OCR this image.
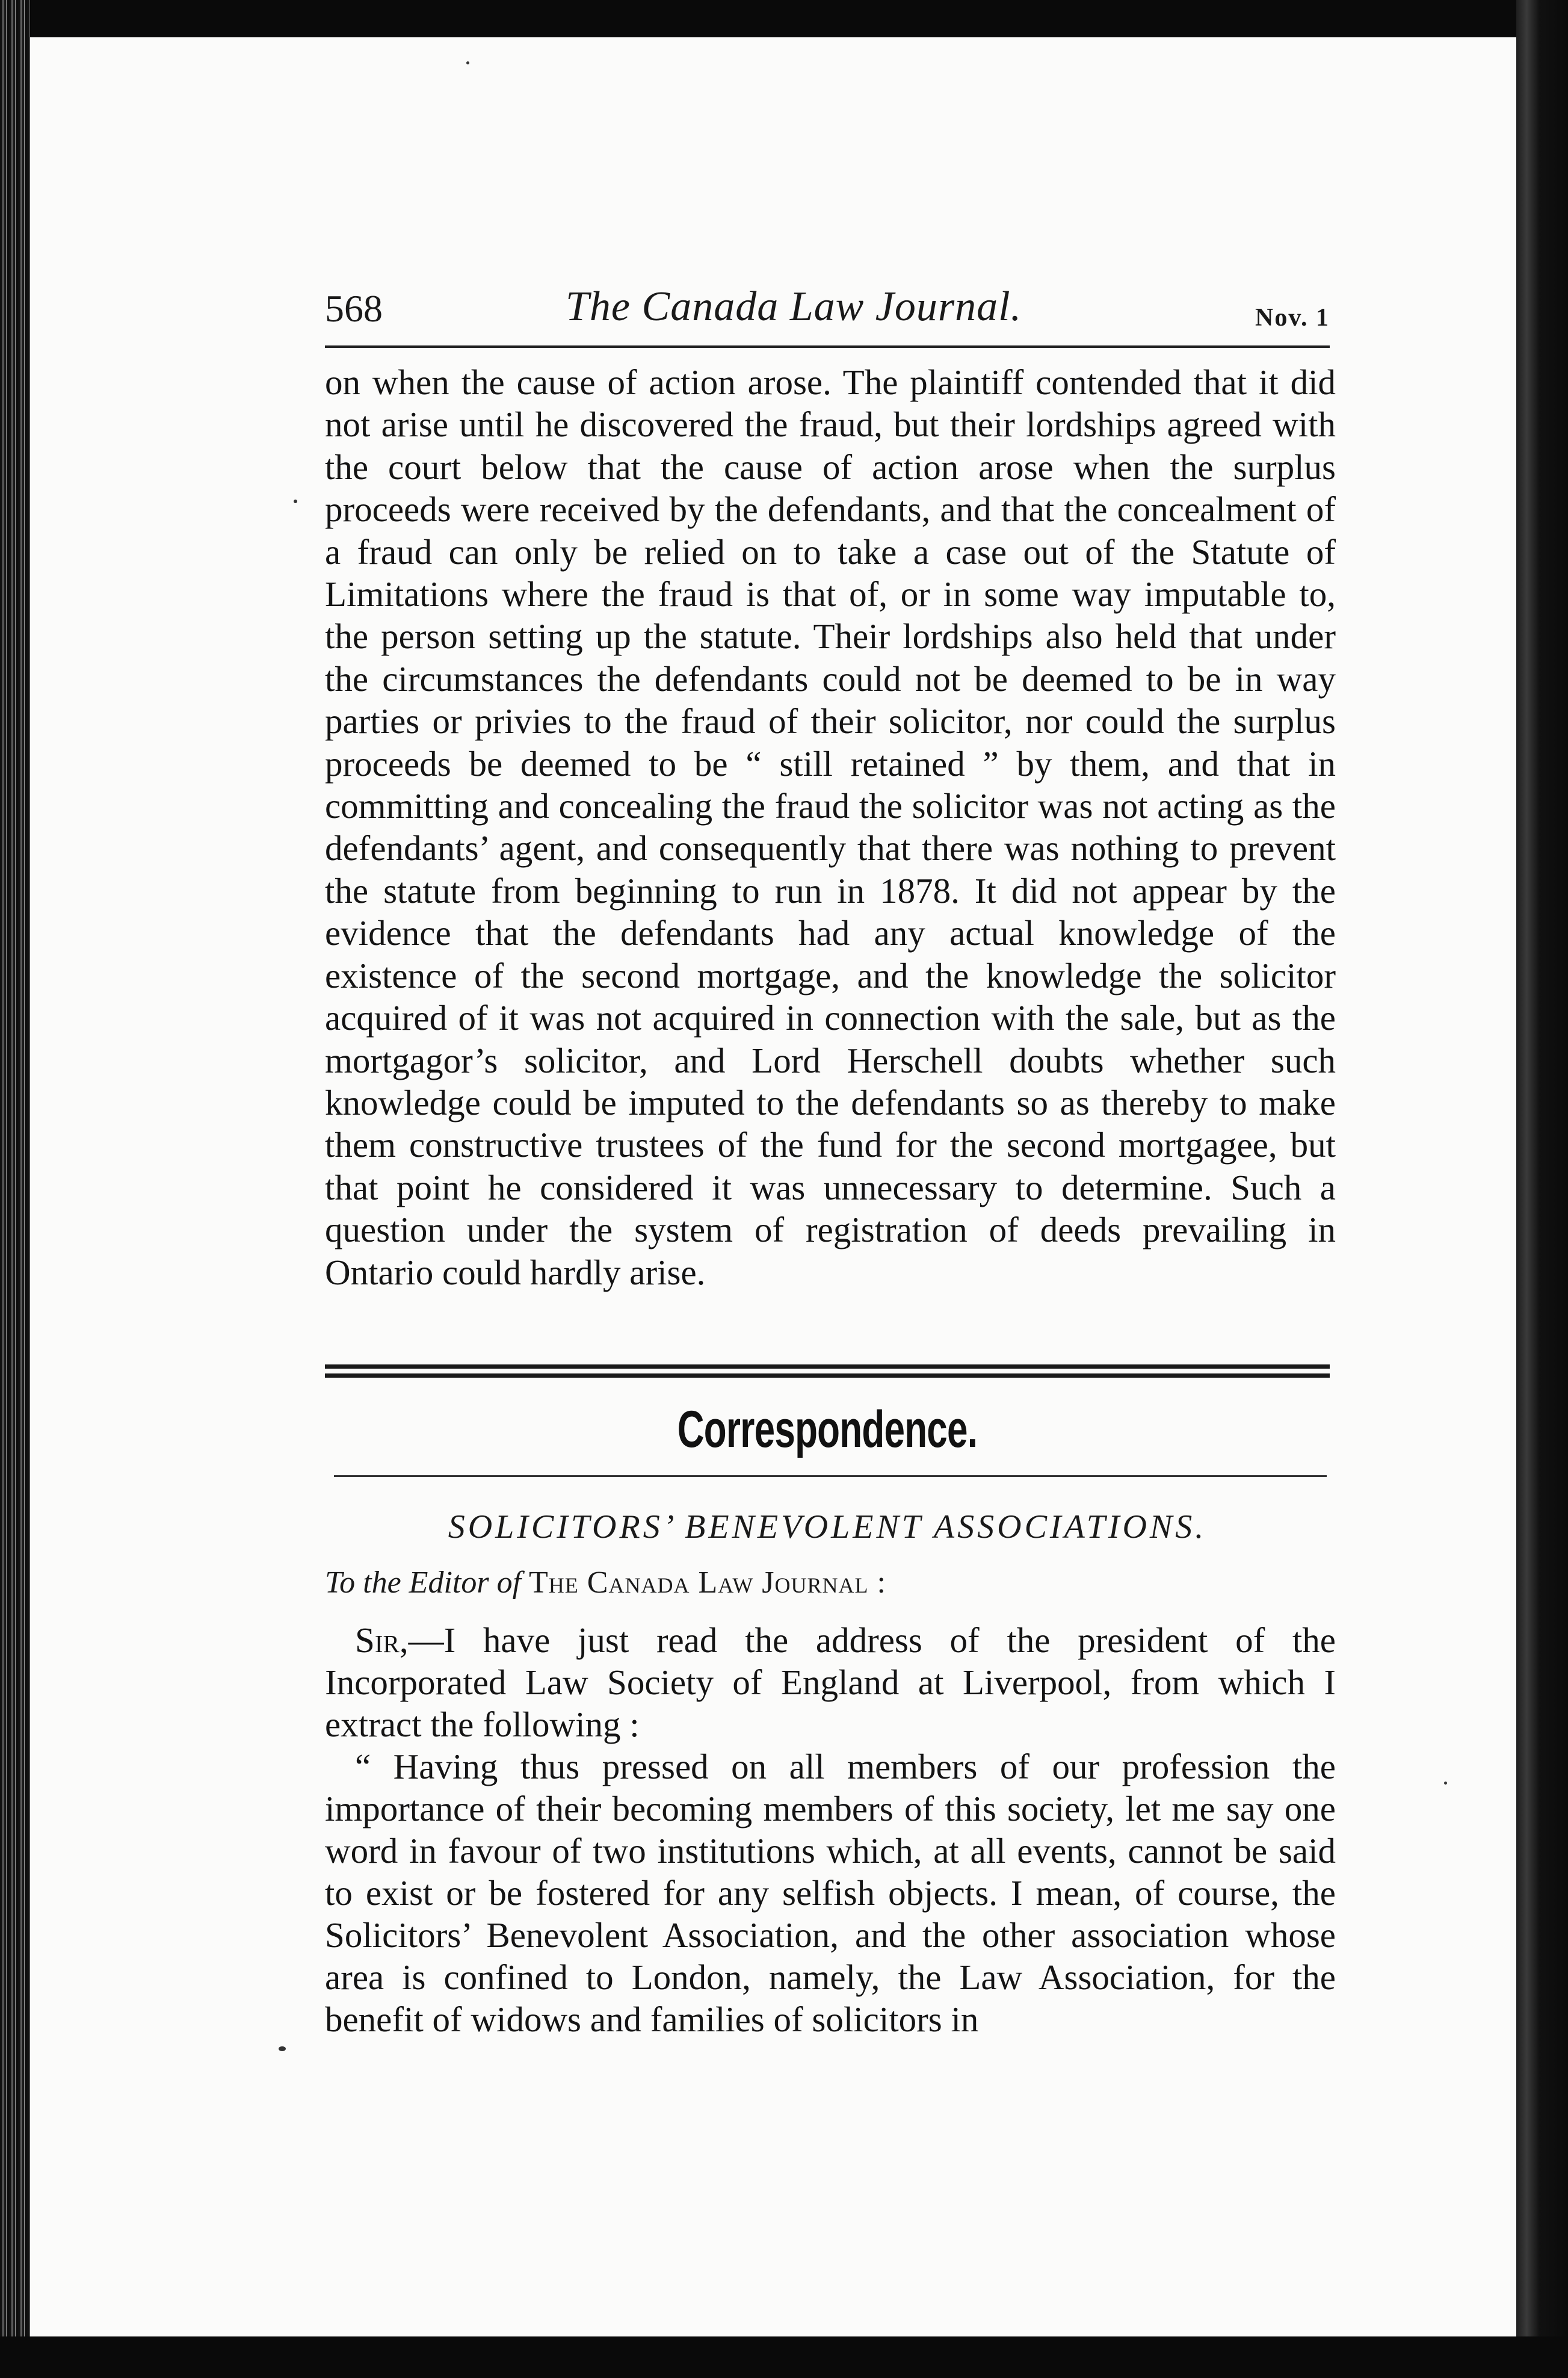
568	The Canada Law Journal.	Nov. 1

on when the cause of action arose. The plaintiff contended that it did not arise until he discovered the fraud, but their lordships agreed with the court below that the cause of action arose when the surplus proceeds were received by the defendants, and that the concealment of a fraud can only be relied on to take a case out of the Statute of Limitations where the fraud is that of, or in some way imputable to, the person setting up the statute. Their lordships also held that under the circumstances the defendants could not be deemed to be in way parties or privies to the fraud of their solicitor, nor could the surplus proceeds be deemed to be “ still retained ” by them, and that in committing and concealing the fraud the solicitor was not acting as the defendants’ agent, and consequently that there was nothing to prevent the statute from beginning to run in 1878. It did not appear by the evidence that the defendants had any actual knowledge of the existence of the second mortgage, and the knowledge the solicitor acquired of it was not acquired in connection with the sale, but as the mortgagor’s solicitor, and Lord Herschell doubts whether such knowledge could be imputed to the defendants so as thereby to make them constructive trustees of the fund for the second mortgagee, but that point he considered it was unnecessary to determine. Such a question under the system of registration of deeds prevailing in Ontario could hardly arise.

Correspondence.
SOLICITORS’ BENEVOLENT ASSOCIATIONS.
To the Editor of The Canada Law Journal :

Sir,—I have just read the address of the president of the Incorporated Law Society of England at Liverpool, from which I extract the following :

“ Having thus pressed on all members of our profession the importance of their becoming members of this society, let me say one word in favour of two institutions which, at all events, cannot be said to exist or be fostered for any selfish objects. I mean, of course, the Solicitors’ Benevolent Association, and the other association whose area is confined to London, namely, the Law Association, for the benefit of widows and families of solicitors in
